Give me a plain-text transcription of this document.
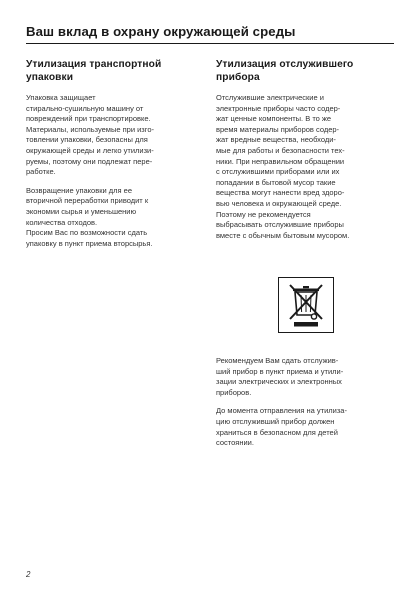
Ваш вклад в охрану окружающей среды
Утилизация транспортной
упаковки
Упаковка защищает
стирально-сушильную машину от
повреждений при транспортировке.
Материалы, используемые при изго-
товлении упаковки, безопасны для
окружающей среды и легко утилизи-
руемы, поэтому они подлежат пере-
работке.
Возвращение упаковки для ее
вторичной переработки приводит к
экономии сырья и уменьшению
количества отходов.
Просим Вас по возможности сдать
упаковку в пункт приема вторсырья.
Утилизация отслужившего
прибора
Отслужившие электрические и
электронные приборы часто содер-
жат ценные компоненты. В то же
время материалы приборов содер-
жат вредные вещества, необходи-
мые для работы и безопасности тех-
ники. При неправильном обращении
с отслужившими приборами или их
попадании в бытовой мусор такие
вещества могут нанести вред здоро-
вью человека и окружающей среде.
Поэтому не рекомендуется
выбрасывать отслужившие приборы
вместе с обычным бытовым мусором.
Рекомендуем Вам сдать отслужив-
ший прибор в пункт приема и утили-
зации электрических и электронных
приборов.
До момента отправления на утилиза-
цию отслуживший прибор должен
храниться в безопасном для детей
состоянии.
2
